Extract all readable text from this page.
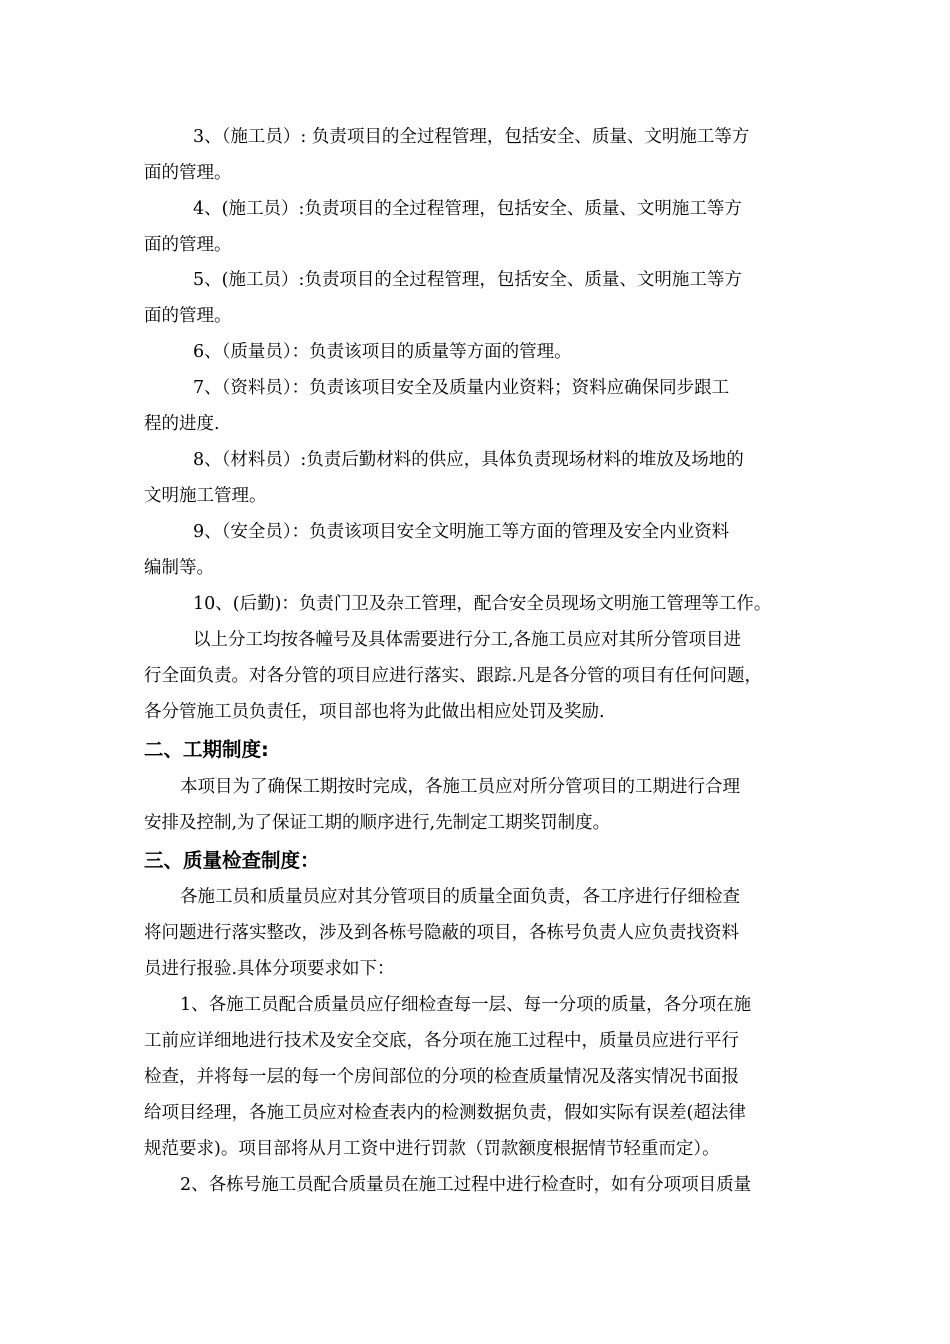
3、（施工员）: 负责项目的全过程管理，包括安全、质量、文明施工等方
面的管理。
4、(施工员）:负责项目的全过程管理，包括安全、质量、文明施工等方
面的管理。
5、(施工员）:负责项目的全过程管理，包括安全、质量、文明施工等方
面的管理。
6、（质量员）：负责该项目的质量等方面的管理。
7、（资料员）：负责该项目安全及质量内业资料；资料应确保同步跟工
程的进度.
8、（材料员）:负责后勤材料的供应，具体负责现场材料的堆放及场地的
文明施工管理。
9、（安全员）：负责该项目安全文明施工等方面的管理及安全内业资料
编制等。
10、(后勤)：负责门卫及杂工管理，配合安全员现场文明施工管理等工作。
以上分工均按各幢号及具体需要进行分工,各施工员应对其所分管项目进
行全面负责。对各分管的项目应进行落实、跟踪.凡是各分管的项目有任何问题，
各分管施工员负责任，项目部也将为此做出相应处罚及奖励.
二、工期制度:
本项目为了确保工期按时完成，各施工员应对所分管项目的工期进行合理
安排及控制,为了保证工期的顺序进行,先制定工期奖罚制度。
三、质量检查制度：
各施工员和质量员应对其分管项目的质量全面负责，各工序进行仔细检查
将问题进行落实整改，涉及到各栋号隐蔽的项目，各栋号负责人应负责找资料
员进行报验.具体分项要求如下：
1、各施工员配合质量员应仔细检查每一层、每一分项的质量，各分项在施
工前应详细地进行技术及安全交底，各分项在施工过程中，质量员应进行平行
检查，并将每一层的每一个房间部位的分项的检查质量情况及落实情况书面报
给项目经理，各施工员应对检查表内的检测数据负责，假如实际有误差(超法律
规范要求)。项目部将从月工资中进行罚款（罚款额度根据情节轻重而定）。
2、各栋号施工员配合质量员在施工过程中进行检查时，如有分项项目质量
